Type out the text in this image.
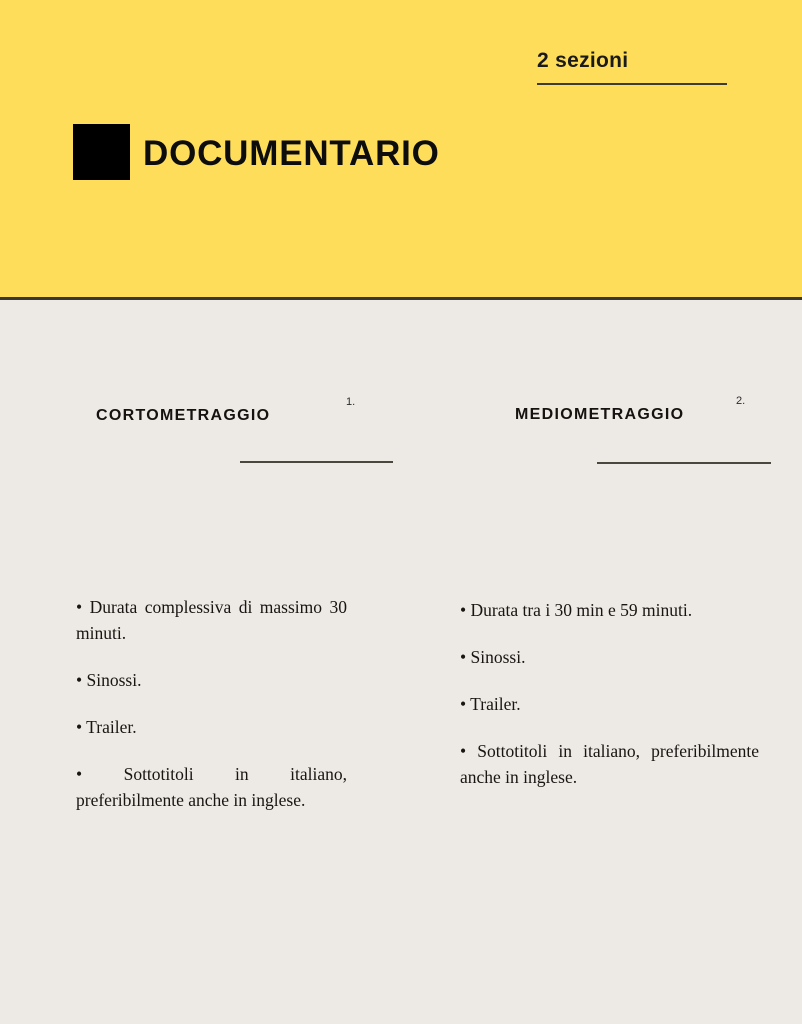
2 sezioni
DOCUMENTARIO
CORTOMETRAGGIO
1.

• Durata complessiva di massimo 30 minuti.

• Sinossi.

• Trailer.

• Sottotitoli in italiano, preferibilmente anche in inglese.

MEDIOMETRAGGIO
2.

• Durata tra i 30 min e 59 minuti.

• Sinossi.

• Trailer.

• Sottotitoli in italiano, preferibilmente anche in inglese.
